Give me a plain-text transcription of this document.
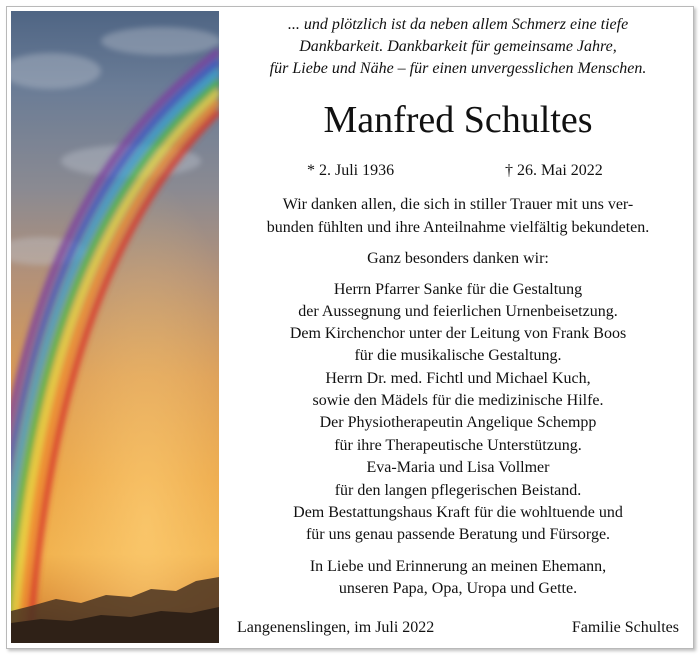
... und plötzlich ist da neben allem Schmerz eine tiefe
Dankbarkeit. Dankbarkeit für gemeinsame Jahre,
für Liebe und Nähe – für einen unvergesslichen Menschen.
Manfred Schultes
* 2. Juli 1936	† 26. Mai 2022
Wir danken allen, die sich in stiller Trauer mit uns ver-
bunden fühlten und ihre Anteilnahme vielfältig bekundeten.
Ganz besonders danken wir:
Herrn Pfarrer Sanke für die Gestaltung
der Aussegnung und feierlichen Urnenbeisetzung.
Dem Kirchenchor unter der Leitung von Frank Boos
für die musikalische Gestaltung.
Herrn Dr. med. Fichtl und Michael Kuch,
sowie den Mädels für die medizinische Hilfe.
Der Physiotherapeutin Angelique Schempp
für ihre Therapeutische Unterstützung.
Eva-Maria und Lisa Vollmer
für den langen pflegerischen Beistand.
Dem Bestattungshaus Kraft für die wohltuende und
für uns genau passende Beratung und Fürsorge.
In Liebe und Erinnerung an meinen Ehemann,
unseren Papa, Opa, Uropa und Gette.
Langenenslingen, im Juli 2022	Familie Schultes
